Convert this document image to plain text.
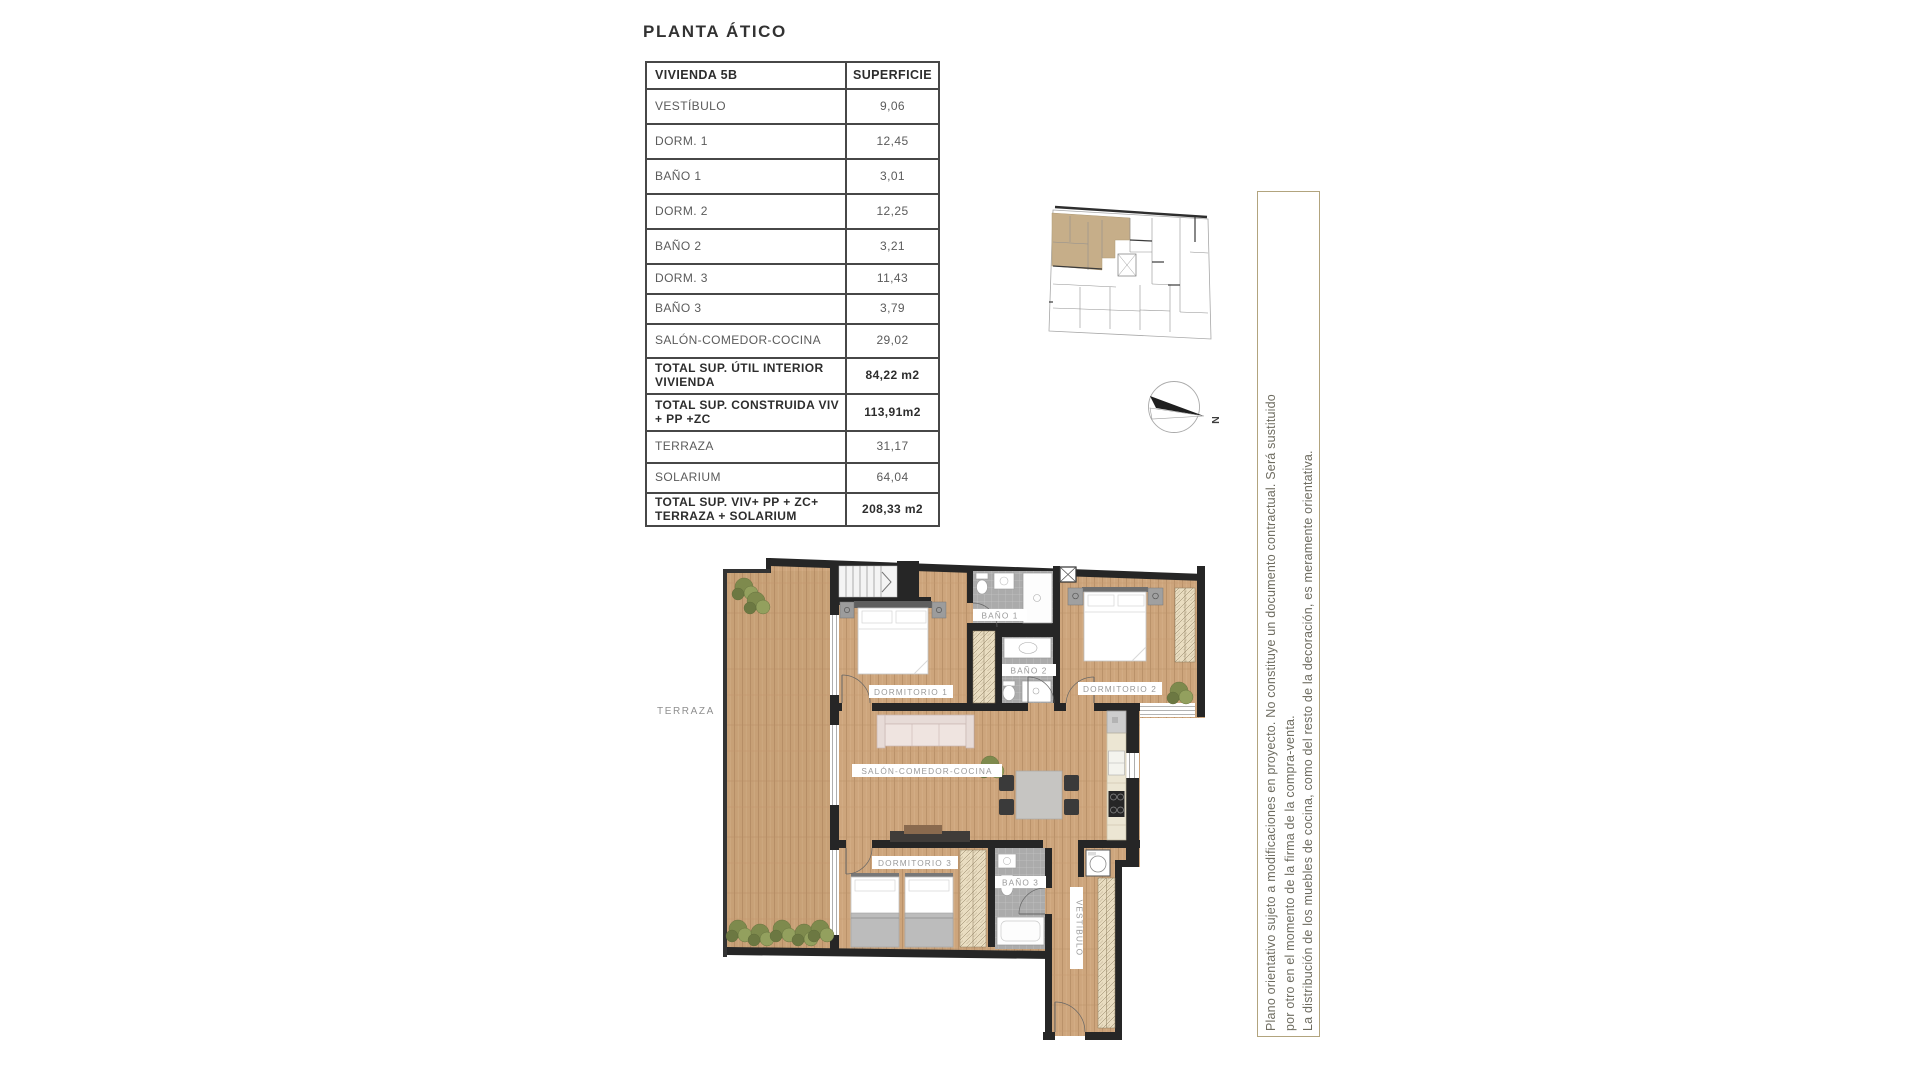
PLANTA ÁTICO
VIVIENDA 5B	SUPERFICIE
VESTÍBULO	9,06
DORM. 1	12,45
BAÑO 1	3,01
DORM. 2	12,25
BAÑO 2	3,21
DORM. 3	11,43
BAÑO 3	3,79
SALÓN-COMEDOR-COCINA	29,02
TOTAL SUP. ÚTIL INTERIOR VIVIENDA	84,22 m2
TOTAL SUP. CONSTRUIDA VIV + PP +ZC	113,91m2
TERRAZA	31,17
SOLARIUM	64,04
TOTAL SUP. VIV+ PP + ZC+ TERRAZA + SOLARIUM	208,33 m2
N	Plano orientativo sujeto a modificaciones en proyecto. No constituye un documento contractual. Será sustituido por otro en el momento de la firma de la compra-venta. La distribución de los muebles de cocina, como del resto de la decoración, es meramente orientativa.
TERRAZA
DORMITORIO 1
BAÑO 1
BAÑO 2
DORMITORIO 2
SALÓN-COMEDOR-COCINA
DORMITORIO 3
BAÑO 3
VESTÍBULO
